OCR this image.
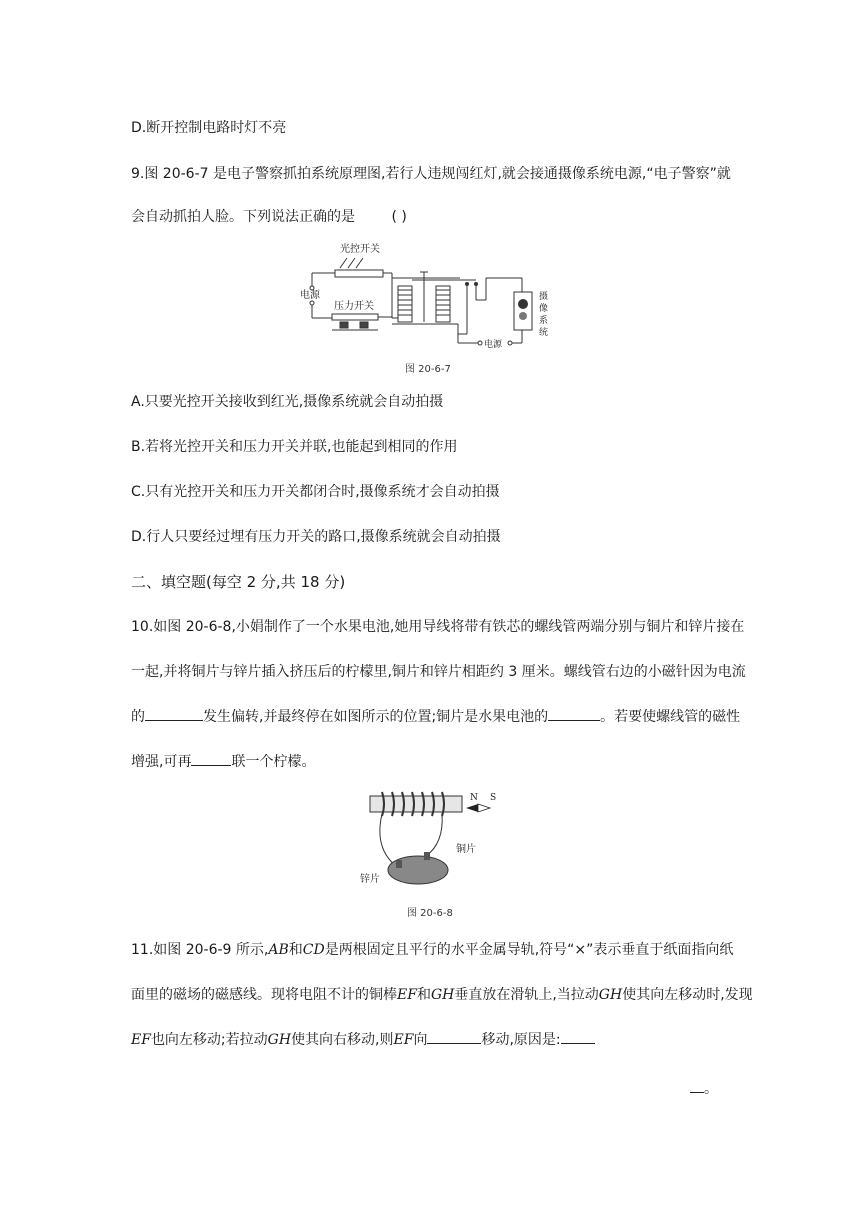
D.断开控制电路时灯不亮
9.图 20-6-7 是电子警察抓拍系统原理图,若行人违规闯红灯,就会接通摄像系统电源,“电子警察”就
会自动抓拍人脸。下列说法正确的是	( )
光控开关
电源
压力开关
电源
摄
像
系
统
图 20-6-7
A.只要光控开关接收到红光,摄像系统就会自动拍摄
B.若将光控开关和压力开关并联,也能起到相同的作用
C.只有光控开关和压力开关都闭合时,摄像系统才会自动拍摄
D.行人只要经过埋有压力开关的路口,摄像系统就会自动拍摄
二、填空题(每空 2 分,共 18 分)
10.如图 20-6-8,小娟制作了一个水果电池,她用导线将带有铁芯的螺线管两端分别与铜片和锌片接在
一起,并将铜片与锌片插入挤压后的柠檬里,铜片和锌片相距约 3 厘米。螺线管右边的小磁针因为电流
的	发生偏转,并最终停在如图所示的位置;铜片是水果电池的	。若要使螺线管的磁性
增强,可再	联一个柠檬。
N S
铜片
锌片
图 20-6-8
11.如图 20-6-9 所示,AB和CD是两根固定且平行的水平金属导轨,符号“×”表示垂直于纸面指向纸
面里的磁场的磁感线。现将电阻不计的铜棒EF和GH垂直放在滑轨上,当拉动GH使其向左移动时,发现
EF也向左移动;若拉动GH使其向右移动,则EF向	移动,原因是:
。
